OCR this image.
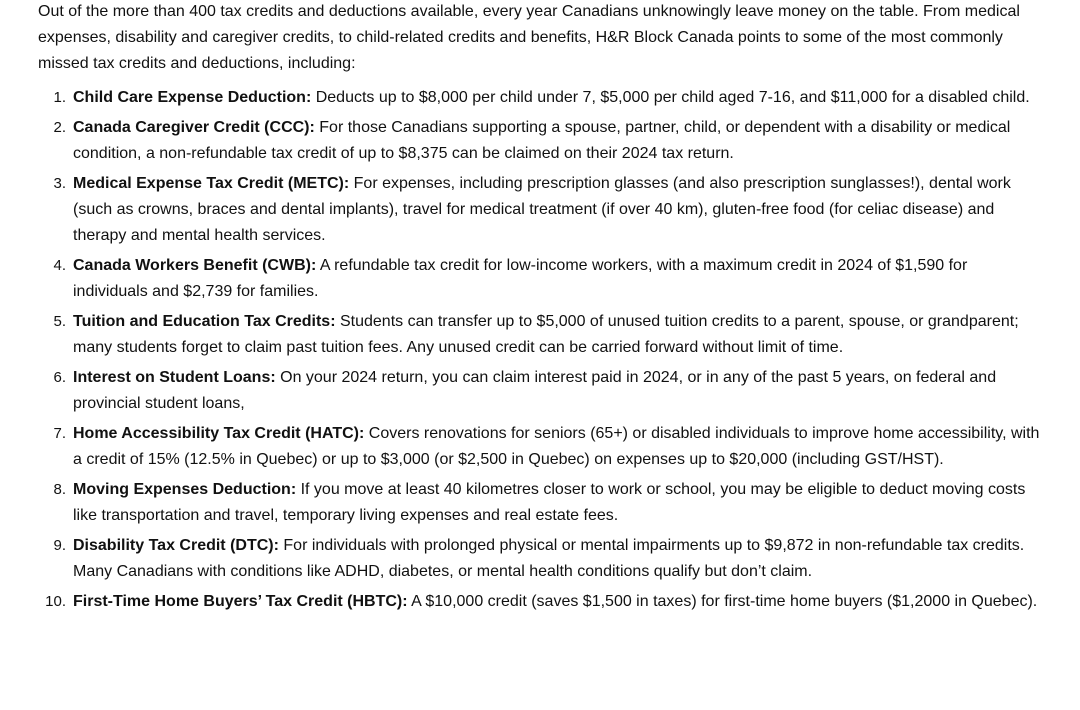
Out of the more than 400 tax credits and deductions available, every year Canadians unknowingly leave money on the table. From medical expenses, disability and caregiver credits, to child-related credits and benefits, H&R Block Canada points to some of the most commonly missed tax credits and deductions, including:

1. Child Care Expense Deduction: Deducts up to $8,000 per child under 7, $5,000 per child aged 7-16, and $11,000 for a disabled child.
2. Canada Caregiver Credit (CCC): For those Canadians supporting a spouse, partner, child, or dependent with a disability or medical condition, a non-refundable tax credit of up to $8,375 can be claimed on their 2024 tax return.
3. Medical Expense Tax Credit (METC): For expenses, including prescription glasses (and also prescription sunglasses!), dental work (such as crowns, braces and dental implants), travel for medical treatment (if over 40 km), gluten-free food (for celiac disease) and therapy and mental health services.
4. Canada Workers Benefit (CWB): A refundable tax credit for low-income workers, with a maximum credit in 2024 of $1,590 for individuals and $2,739 for families.
5. Tuition and Education Tax Credits: Students can transfer up to $5,000 of unused tuition credits to a parent, spouse, or grandparent; many students forget to claim past tuition fees. Any unused credit can be carried forward without limit of time.
6. Interest on Student Loans: On your 2024 return, you can claim interest paid in 2024, or in any of the past 5 years, on federal and provincial student loans,
7. Home Accessibility Tax Credit (HATC): Covers renovations for seniors (65+) or disabled individuals to improve home accessibility, with a credit of 15% (12.5% in Quebec) or up to $3,000 (or $2,500 in Quebec) on expenses up to $20,000 (including GST/HST).
8. Moving Expenses Deduction: If you move at least 40 kilometres closer to work or school, you may be eligible to deduct moving costs like transportation and travel, temporary living expenses and real estate fees.
9. Disability Tax Credit (DTC): For individuals with prolonged physical or mental impairments up to $9,872 in non-refundable tax credits. Many Canadians with conditions like ADHD, diabetes, or mental health conditions qualify but don’t claim.
10. First-Time Home Buyers’ Tax Credit (HBTC): A $10,000 credit (saves $1,500 in taxes) for first-time home buyers ($1,2000 in Quebec).
